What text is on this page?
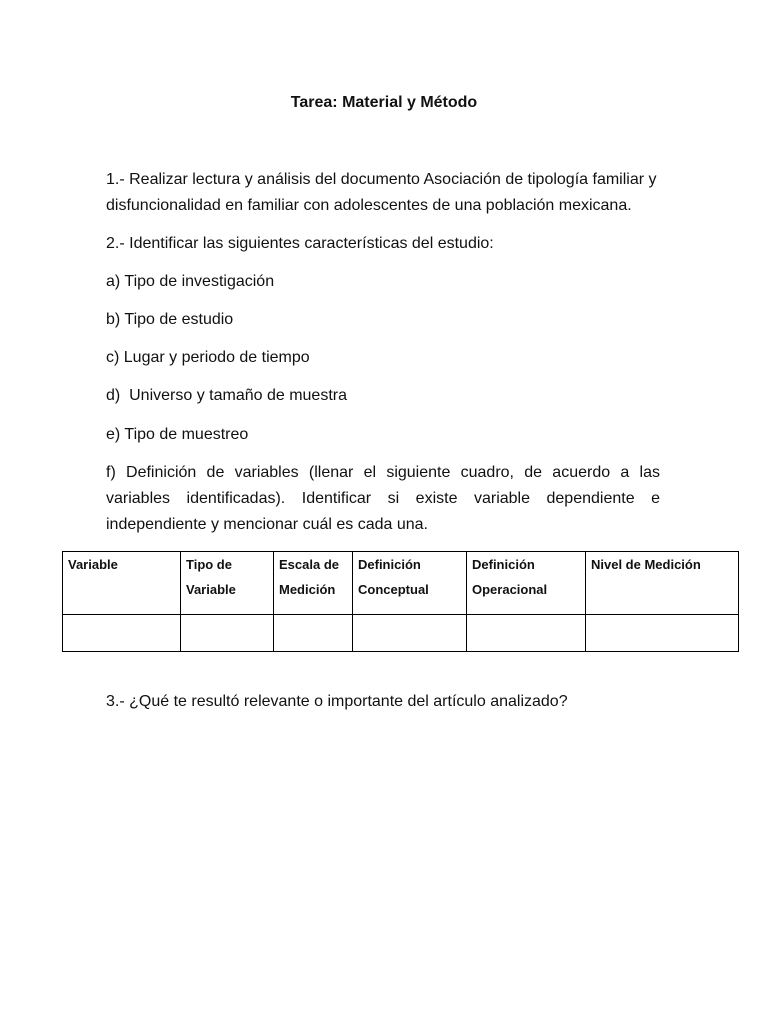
Tarea: Material y Método

1.- Realizar lectura y análisis del documento Asociación de tipología familiar y disfuncionalidad en familiar con adolescentes de una población mexicana.

2.- Identificar las siguientes características del estudio:

a) Tipo de investigación

b) Tipo de estudio

c) Lugar y periodo de tiempo

d)  Universo y tamaño de muestra

e) Tipo de muestreo

f) Definición de variables (llenar el siguiente cuadro, de acuerdo a las variables identificadas). Identificar si existe variable dependiente e independiente y mencionar cuál es cada una.

Variable	Tipo de Variable	Escala de Medición	Definición Conceptual	Definición Operacional	Nivel de Medición

3.- ¿Qué te resultó relevante o importante del artículo analizado?
